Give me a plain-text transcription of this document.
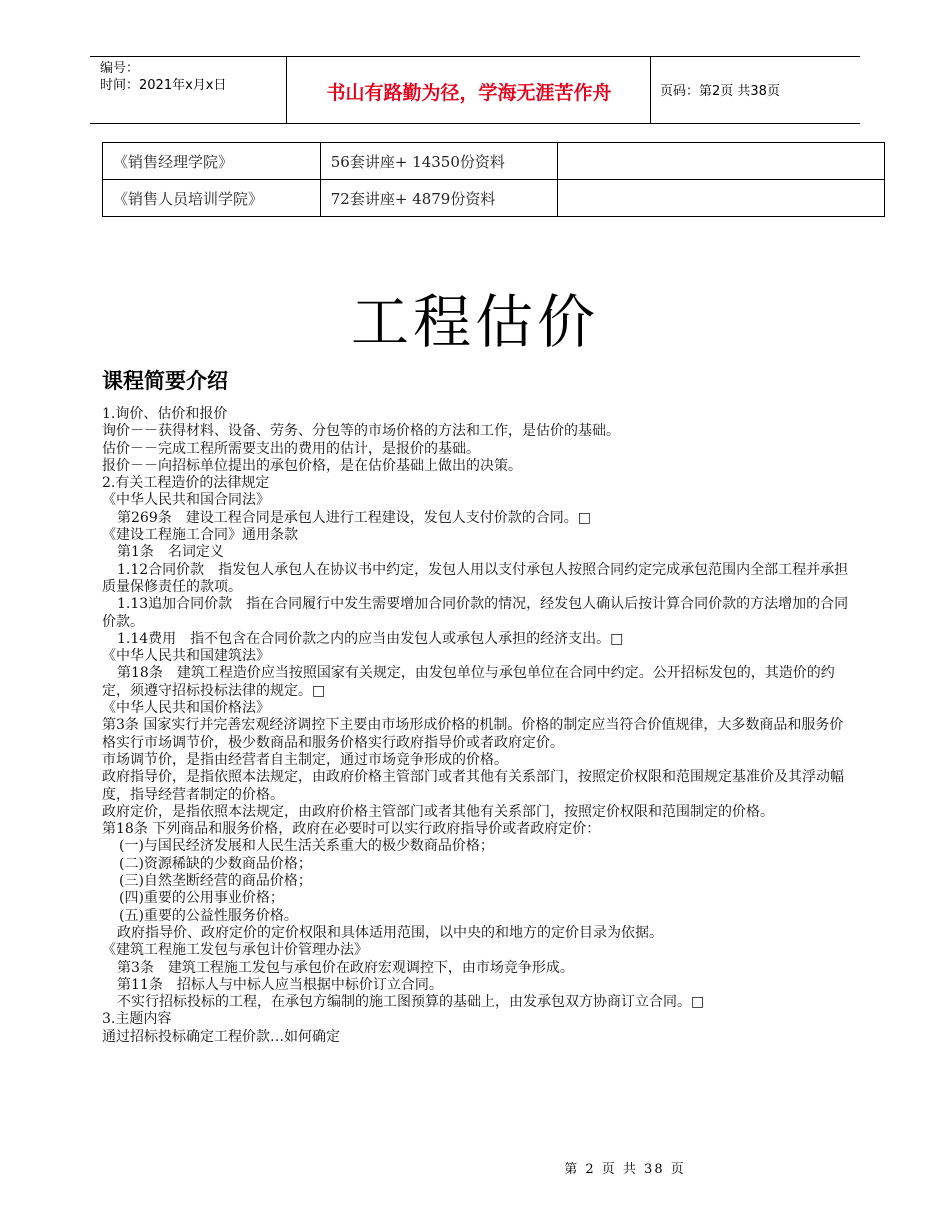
编号：
时间：2021年x月x日	书山有路勤为径，学海无涯苦作舟	页码：第2页 共38页
《销售经理学院》	56套讲座+ 14350份资料	
《销售人员培训学院》	72套讲座+ 4879份资料	
工程估价
课程简要介绍

1.询价、估价和报价

询价－－获得材料、设备、劳务、分包等的市场价格的方法和工作，是估价的基础。

估价－－完成工程所需要支出的费用的估计，是报价的基础。

报价－－向招标单位提出的承包价格，是在估价基础上做出的决策。

2.有关工程造价的法律规定

《中华人民共和国合同法》

第269条　建设工程合同是承包人进行工程建设，发包人支付价款的合同。□

《建设工程施工合同》通用条款

第1条　名词定义

1.12合同价款　指发包人承包人在协议书中约定，发包人用以支付承包人按照合同约定完成承包范围内全部工程并承担质量保修责任的款项。

1.13追加合同价款　指在合同履行中发生需要增加合同价款的情况，经发包人确认后按计算合同价款的方法增加的合同价款。

1.14费用　指不包含在合同价款之内的应当由发包人或承包人承担的经济支出。□

《中华人民共和国建筑法》

第18条　建筑工程造价应当按照国家有关规定，由发包单位与承包单位在合同中约定。公开招标发包的，其造价的约定，须遵守招标投标法律的规定。□

《中华人民共和国价格法》

第3条 国家实行并完善宏观经济调控下主要由市场形成价格的机制。价格的制定应当符合价值规律，大多数商品和服务价格实行市场调节价，极少数商品和服务价格实行政府指导价或者政府定价。

市场调节价，是指由经营者自主制定，通过市场竞争形成的价格。

政府指导价，是指依照本法规定，由政府价格主管部门或者其他有关系部门，按照定价权限和范围规定基准价及其浮动幅度，指导经营者制定的价格。

政府定价，是指依照本法规定，由政府价格主管部门或者其他有关系部门，按照定价权限和范围制定的价格。

第18条 下列商品和服务价格，政府在必要时可以实行政府指导价或者政府定价：

(一)与国民经济发展和人民生活关系重大的极少数商品价格；

(二)资源稀缺的少数商品价格；

(三)自然垄断经营的商品价格；

(四)重要的公用事业价格；

(五)重要的公益性服务价格。

政府指导价、政府定价的定价权限和具体适用范围，以中央的和地方的定价目录为依据。

《建筑工程施工发包与承包计价管理办法》

第3条　建筑工程施工发包与承包价在政府宏观调控下，由市场竞争形成。

第11条　招标人与中标人应当根据中标价订立合同。

不实行招标投标的工程，在承包方编制的施工图预算的基础上，由发承包双方协商订立合同。□

3.主题内容

通过招标投标确定工程价款…如何确定

第 2 页 共 38 页
